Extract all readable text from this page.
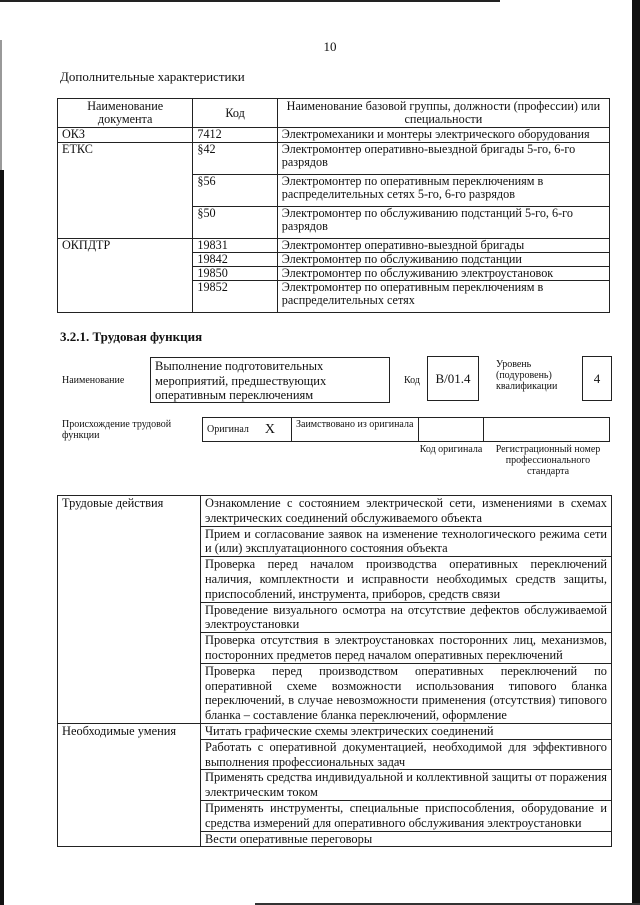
10
Дополнительные характеристики
Наименование документа	Код	Наименование базовой группы, должности (профессии) или специальности
ОКЗ	7412	Электромеханики и монтеры электрического оборудования
ЕТКС	§42	Электромонтер оперативно-выездной бригады 5-го, 6-го разрядов
	§56	Электромонтер по оперативным переключениям в распределительных сетях 5-го, 6-го разрядов
	§50	Электромонтер по обслуживанию подстанций 5-го, 6-го разрядов
ОКПДТР	19831	Электромонтер оперативно-выездной бригады
	19842	Электромонтер по обслуживанию подстанции
	19850	Электромонтер по обслуживанию электроустановок
	19852	Электромонтер по оперативным переключениям в распределительных сетях
3.2.1. Трудовая функция
Наименование
Выполнение подготовительных мероприятий, предшествующих оперативным переключениям
Код	B/01.4
Уровень (подуровень) квалификации
4
Происхождение трудовой функции
Оригинал X	Заимствовано из оригинала
Код оригинала	Регистрационный номер профессионального стандарта
Трудовые действия	Ознакомление с состоянием электрической сети, изменениями в схемах электрических соединений обслуживаемого объекта
	Прием и согласование заявок на изменение технологического режима сети и (или) эксплуатационного состояния объекта
	Проверка перед началом производства оперативных переключений наличия, комплектности и исправности необходимых средств защиты, приспособлений, инструмента, приборов, средств связи
	Проведение визуального осмотра на отсутствие дефектов обслуживаемой электроустановки
	Проверка отсутствия в электроустановках посторонних лиц, механизмов, посторонних предметов перед началом оперативных переключений
	Проверка перед производством оперативных переключений по оперативной схеме возможности использования типового бланка переключений, в случае невозможности применения (отсутствия) типового бланка – составление бланка переключений, оформление
Необходимые умения	Читать графические схемы электрических соединений
	Работать с оперативной документацией, необходимой для эффективного выполнения профессиональных задач
	Применять средства индивидуальной и коллективной защиты от поражения электрическим током
	Применять инструменты, специальные приспособления, оборудование и средства измерений для оперативного обслуживания электроустановки
	Вести оперативные переговоры
